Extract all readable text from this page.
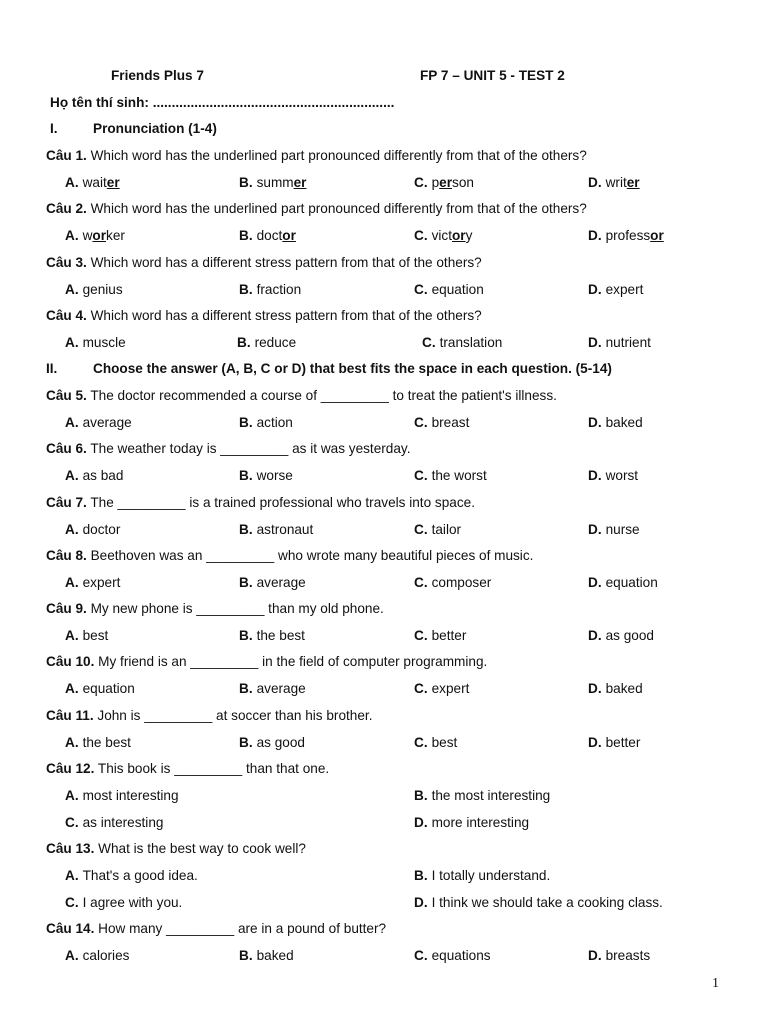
Friends Plus 7	FP 7 – UNIT 5 - TEST 2
Họ tên thí sinh: ................................................................
I.	Pronunciation (1-4)
Câu 1. Which word has the underlined part pronounced differently from that of the others?
A. waiter	B. summer	C. person	D. writer
Câu 2. Which word has the underlined part pronounced differently from that of the others?
A. worker	B. doctor	C. victory	D. professor
Câu 3. Which word has a different stress pattern from that of the others?
A. genius	B. fraction	C. equation	D. expert
Câu 4. Which word has a different stress pattern from that of the others?
A. muscle	B. reduce	C. translation	D. nutrient
II.	Choose the answer (A, B, C or D) that best fits the space in each question. (5-14)
Câu 5. The doctor recommended a course of _________ to treat the patient's illness.
A. average	B. action	C. breast	D. baked
Câu 6. The weather today is _________ as it was yesterday.
A. as bad	B. worse	C. the worst	D. worst
Câu 7. The _________ is a trained professional who travels into space.
A. doctor	B. astronaut	C. tailor	D. nurse
Câu 8. Beethoven was an _________ who wrote many beautiful pieces of music.
A. expert	B. average	C. composer	D. equation
Câu 9. My new phone is _________ than my old phone.
A. best	B. the best	C. better	D. as good
Câu 10. My friend is an _________ in the field of computer programming.
A. equation	B. average	C. expert	D. baked
Câu 11. John is _________ at soccer than his brother.
A. the best	B. as good	C. best	D. better
Câu 12. This book is _________ than that one.
A. most interesting	B. the most interesting
C. as interesting	D. more interesting
Câu 13. What is the best way to cook well?
A. That's a good idea.	B. I totally understand.
C. I agree with you.	D. I think we should take a cooking class.
Câu 14. How many _________ are in a pound of butter?
A. calories	B. baked	C. equations	D. breasts
1
